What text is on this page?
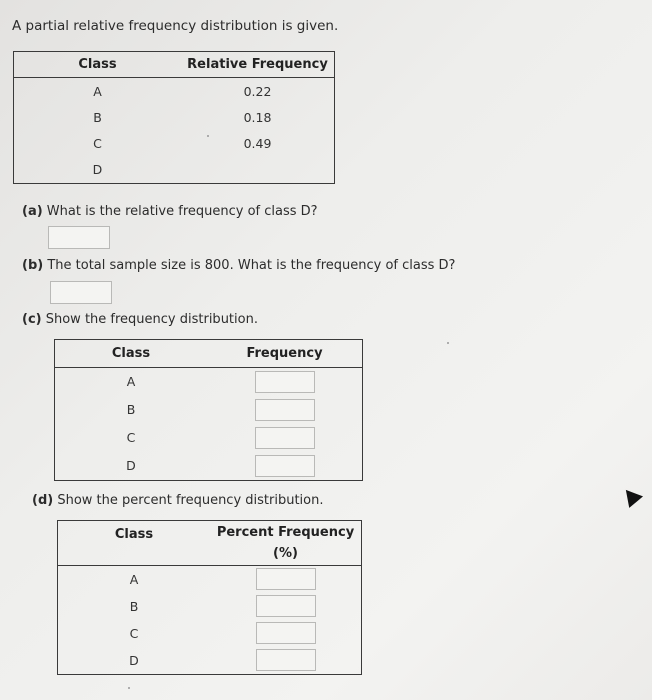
A partial relative frequency distribution is given.
Class	Relative Frequency
A	0.22
B	0.18
C	0.49
D	
(a) What is the relative frequency of class D?
(b) The total sample size is 800. What is the frequency of class D?
(c) Show the frequency distribution.
Class	Frequency
A	
B	
C	
D	
(d) Show the percent frequency distribution.
Class	Percent Frequency
(%)
A	
B	
C	
D	
